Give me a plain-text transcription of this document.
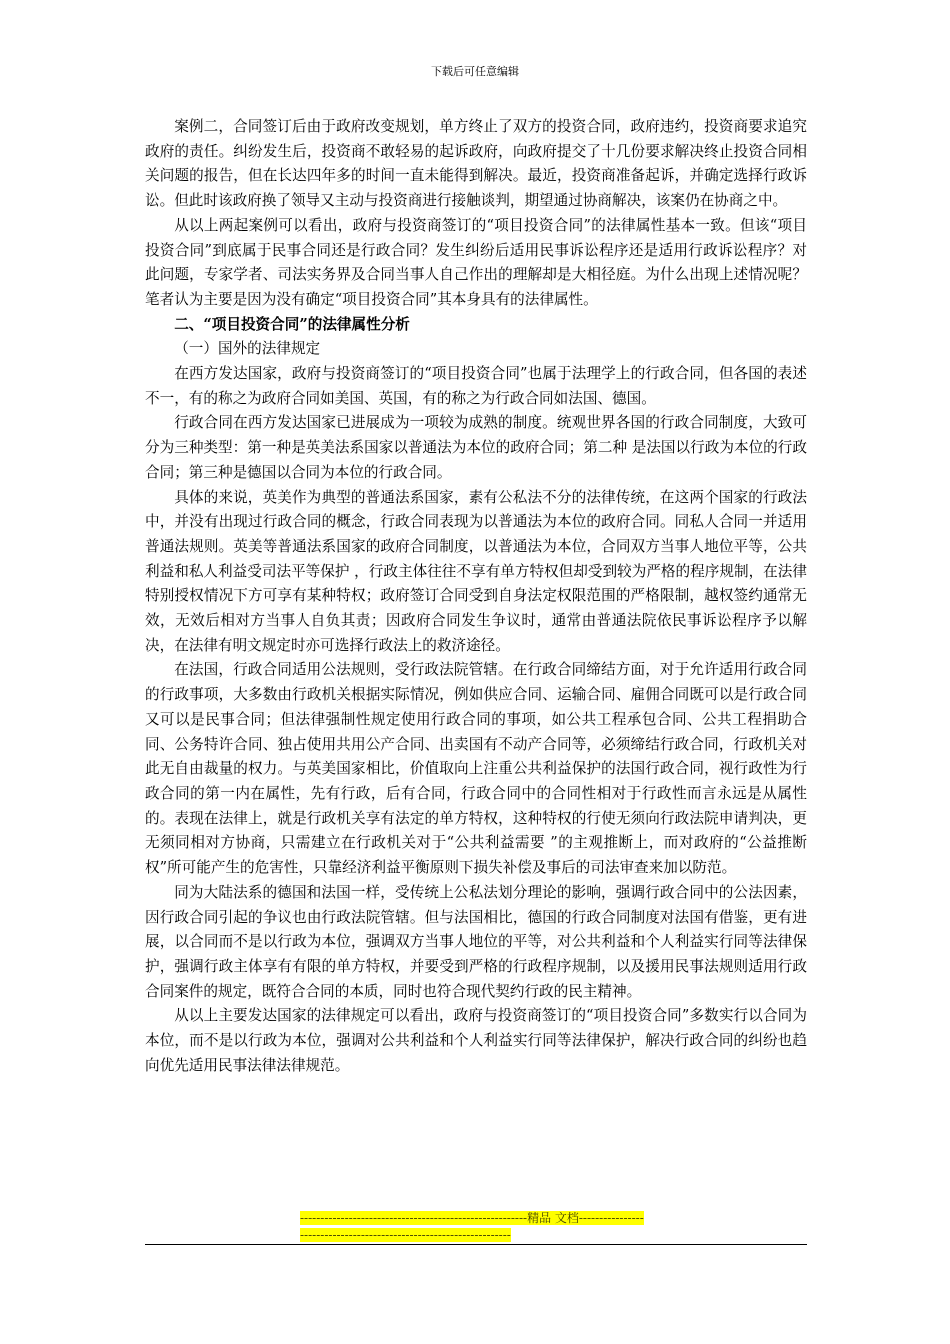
下载后可任意编辑

案例二，合同签订后由于政府改变规划，单方终止了双方的投资合同，政府违约，投资商要求追究政府的责任。纠纷发生后，投资商不敢轻易的起诉政府，向政府提交了十几份要求解决终止投资合同相关问题的报告，但在长达四年多的时间一直未能得到解决。最近，投资商准备起诉，并确定选择行政诉讼。但此时该政府换了领导又主动与投资商进行接触谈判，期望通过协商解决，该案仍在协商之中。

从以上两起案例可以看出，政府与投资商签订的“项目投资合同”的法律属性基本一致。但该“项目投资合同”到底属于民事合同还是行政合同？发生纠纷后适用民事诉讼程序还是适用行政诉讼程序？对此问题，专家学者、司法实务界及合同当事人自己作出的理解却是大相径庭。为什么出现上述情况呢？笔者认为主要是因为没有确定“项目投资合同”其本身具有的法律属性。

二、“项目投资合同”的法律属性分析
（一）国外的法律规定

在西方发达国家，政府与投资商签订的“项目投资合同”也属于法理学上的行政合同，但各国的表述不一，有的称之为政府合同如美国、英国，有的称之为行政合同如法国、德国。

行政合同在西方发达国家已进展成为一项较为成熟的制度。统观世界各国的行政合同制度，大致可分为三种类型：第一种是英美法系国家以普通法为本位的政府合同；第二种 是法国以行政为本位的行政合同；第三种是德国以合同为本位的行政合同。

具体的来说，英美作为典型的普通法系国家，素有公私法不分的法律传统，在这两个国家的行政法中，并没有出现过行政合同的概念，行政合同表现为以普通法为本位的政府合同。同私人合同一并适用普通法规则。英美等普通法系国家的政府合同制度，以普通法为本位，合同双方当事人地位平等，公共利益和私人利益受司法平等保护 ，行政主体往往不享有单方特权但却受到较为严格的程序规制，在法律特别授权情况下方可享有某种特权；政府签订合同受到自身法定权限范围的严格限制，越权签约通常无效，无效后相对方当事人自负其责；因政府合同发生争议时，通常由普通法院依民事诉讼程序予以解决，在法律有明文规定时亦可选择行政法上的救济途径。

在法国，行政合同适用公法规则，受行政法院管辖。在行政合同缔结方面，对于允许适用行政合同的行政事项，大多数由行政机关根据实际情况，例如供应合同、运输合同、雇佣合同既可以是行政合同又可以是民事合同；但法律强制性规定使用行政合同的事项，如公共工程承包合同、公共工程捐助合同、公务特许合同、独占使用共用公产合同、出卖国有不动产合同等，必须缔结行政合同，行政机关对此无自由裁量的权力。与英美国家相比，价值取向上注重公共利益保护的法国行政合同，视行政性为行政合同的第一内在属性，先有行政，后有合同，行政合同中的合同性相对于行政性而言永远是从属性的。表现在法律上，就是行政机关享有法定的单方特权，这种特权的行使无须向行政法院申请判决，更无须同相对方协商，只需建立在行政机关对于“公共利益需要 ”的主观推断上，而对政府的“公益推断权”所可能产生的危害性，只靠经济利益平衡原则下损失补偿及事后的司法审查来加以防范。

同为大陆法系的德国和法国一样，受传统上公私法划分理论的影响，强调行政合同中的公法因素，因行政合同引起的争议也由行政法院管辖。但与法国相比，德国的行政合同制度对法国有借鉴，更有进展，以合同而不是以行政为本位，强调双方当事人地位的平等，对公共利益和个人利益实行同等法律保护，强调行政主体享有有限的单方特权，并要受到严格的行政程序规制，以及援用民事法规则适用行政合同案件的规定，既符合合同的本质，同时也符合现代契约行政的民主精神。

从以上主要发达国家的法律规定可以看出，政府与投资商签订的“项目投资合同”多数实行以合同为本位，而不是以行政为本位，强调对公共利益和个人利益实行同等法律保护，解决行政合同的纠纷也趋向优先适用民事法律法律规范。

--------------------------------------------------------精品 文档--------------------------------------------------------------------
